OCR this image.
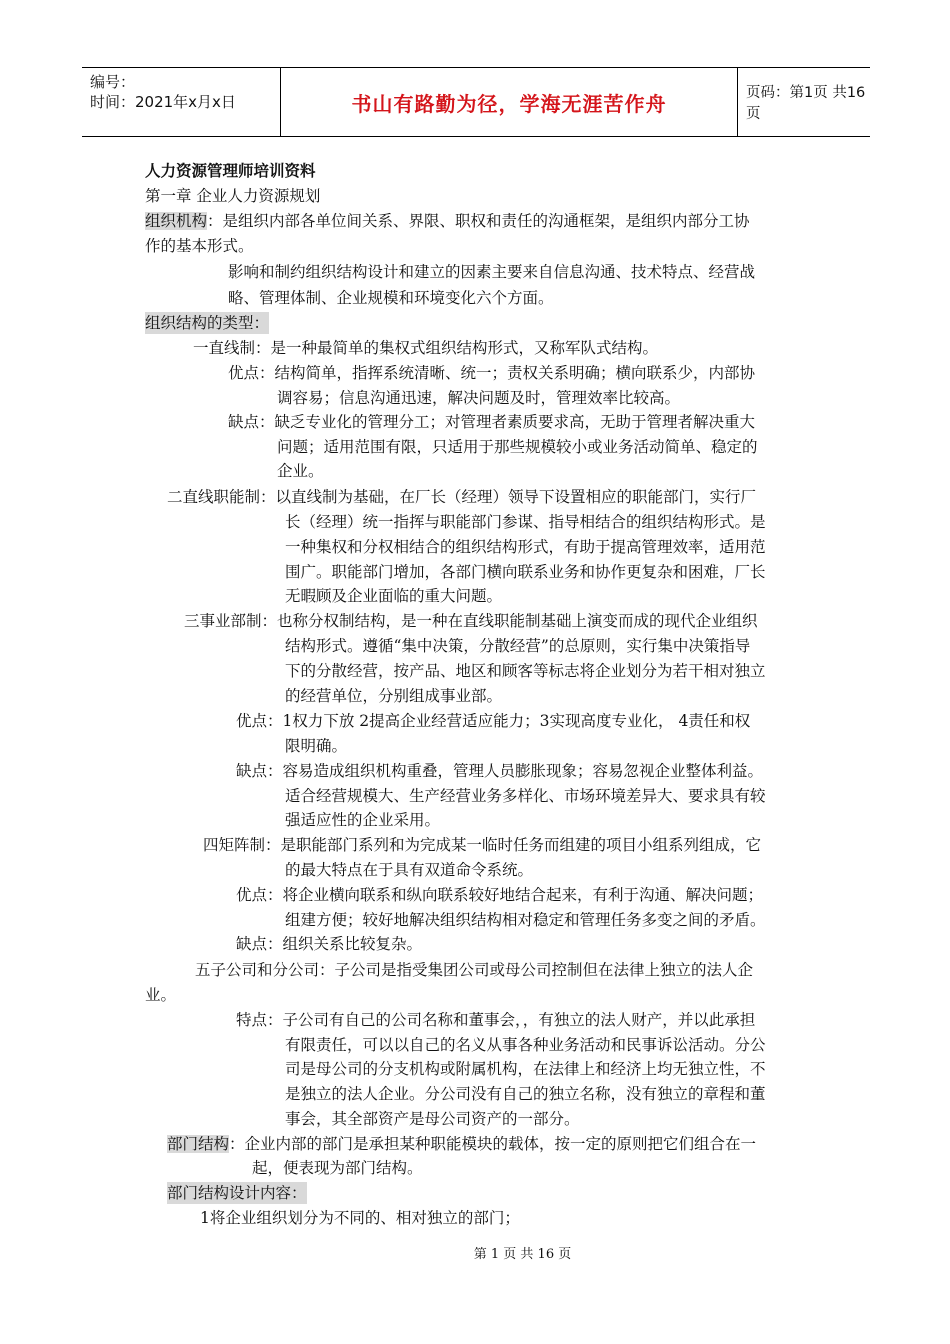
编号：
时间：2021年x月x日	书山有路勤为径，学海无涯苦作舟	页码：第1页 共16页
人力资源管理师培训资料
第一章 企业人力资源规划
组织机构：是组织内部各单位间关系、界限、职权和责任的沟通框架，是组织内部分工协
作的基本形式。
影响和制约组织结构设计和建立的因素主要来自信息沟通、技术特点、经营战
略、管理体制、企业规模和环境变化六个方面。
组织结构的类型：
一直线制：是一种最简单的集权式组织结构形式，又称军队式结构。
优点：结构简单，指挥系统清晰、统一；责权关系明确；横向联系少，内部协
调容易；信息沟通迅速，解决问题及时，管理效率比较高。
缺点：缺乏专业化的管理分工；对管理者素质要求高，无助于管理者解决重大
问题；适用范围有限，只适用于那些规模较小或业务活动简单、稳定的
企业。
二直线职能制：以直线制为基础，在厂长（经理）领导下设置相应的职能部门，实行厂
长（经理）统一指挥与职能部门参谋、指导相结合的组织结构形式。是
一种集权和分权相结合的组织结构形式，有助于提高管理效率，适用范
围广。职能部门增加，各部门横向联系业务和协作更复杂和困难，厂长
无暇顾及企业面临的重大问题。
三事业部制：也称分权制结构，是一种在直线职能制基础上演变而成的现代企业组织
结构形式。遵循“集中决策，分散经营”的总原则，实行集中决策指导
下的分散经营，按产品、地区和顾客等标志将企业划分为若干相对独立
的经营单位，分别组成事业部。
优点：1权力下放 2提高企业经营适应能力；3实现高度专业化， 4责任和权
限明确。
缺点：容易造成组织机构重叠，管理人员膨胀现象；容易忽视企业整体利益。
适合经营规模大、生产经营业务多样化、市场环境差异大、要求具有较
强适应性的企业采用。
四矩阵制：是职能部门系列和为完成某一临时任务而组建的项目小组系列组成，它
的最大特点在于具有双道命令系统。
优点：将企业横向联系和纵向联系较好地结合起来，有利于沟通、解决问题；
组建方便；较好地解决组织结构相对稳定和管理任务多变之间的矛盾。
缺点：组织关系比较复杂。
五子公司和分公司：子公司是指受集团公司或母公司控制但在法律上独立的法人企
业。
特点：子公司有自己的公司名称和董事会，，有独立的法人财产，并以此承担
有限责任，可以以自己的名义从事各种业务活动和民事诉讼活动。分公
司是母公司的分支机构或附属机构，在法律上和经济上均无独立性，不
是独立的法人企业。分公司没有自己的独立名称，没有独立的章程和董
事会，其全部资产是母公司资产的一部分。
部门结构：企业内部的部门是承担某种职能模块的载体，按一定的原则把它们组合在一
起，便表现为部门结构。
部门结构设计内容：
1将企业组织划分为不同的、相对独立的部门；
第 1 页 共 16 页
